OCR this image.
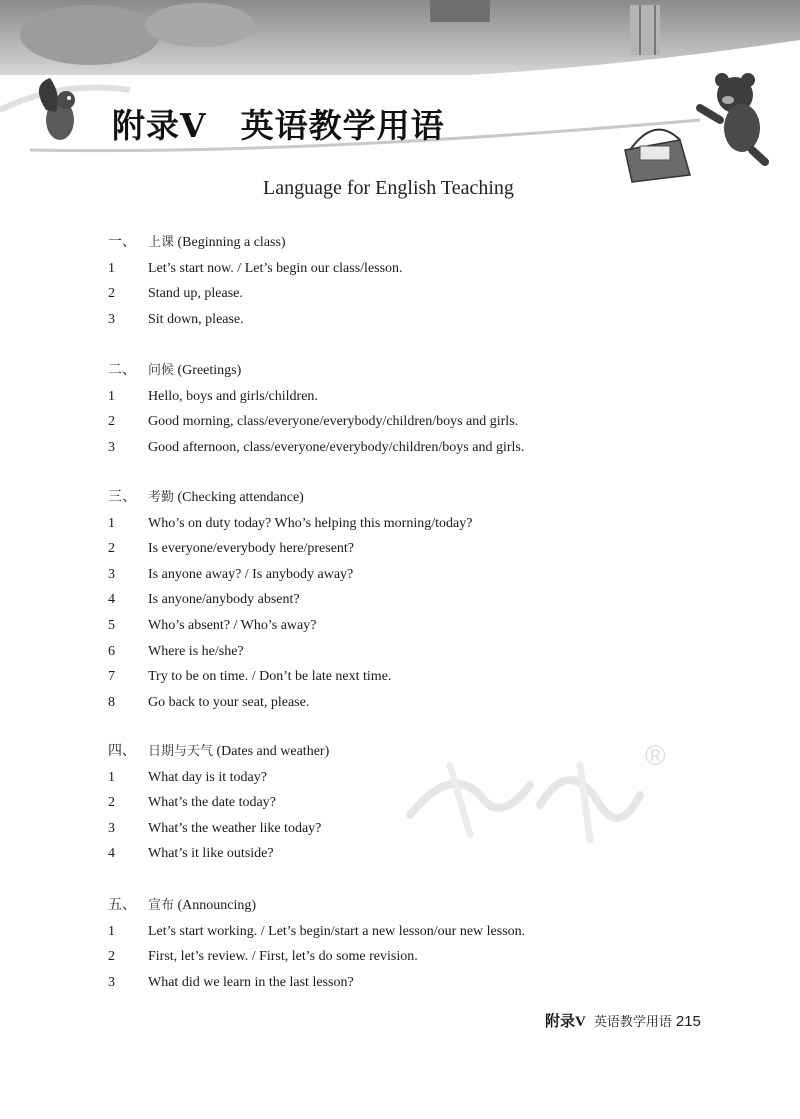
附录V　英语教学用语
Language for English Teaching
®
一、 上课 (Beginning a class)
1 Let’s start now. / Let’s begin our class/lesson.
2 Stand up, please.
3 Sit down, please.
二、 问候 (Greetings)
1 Hello, boys and girls/children.
2 Good morning, class/everyone/everybody/children/boys and girls.
3 Good afternoon, class/everyone/everybody/children/boys and girls.
三、 考勤 (Checking attendance)
1 Who’s on duty today? Who’s helping this morning/today?
2 Is everyone/everybody here/present?
3 Is anyone away? / Is anybody away?
4 Is anyone/anybody absent?
5 Who’s absent? / Who’s away?
6 Where is he/she?
7 Try to be on time. / Don’t be late next time.
8 Go back to your seat, please.
四、 日期与天气 (Dates and weather)
1 What day is it today?
2 What’s the date today?
3 What’s the weather like today?
4 What’s it like outside?
五、 宣布 (Announcing)
1 Let’s start working. / Let’s begin/start a new lesson/our new lesson.
2 First, let’s review. / First, let’s do some revision.
3 What did we learn in the last lesson?
附录V 英语教学用语 215
